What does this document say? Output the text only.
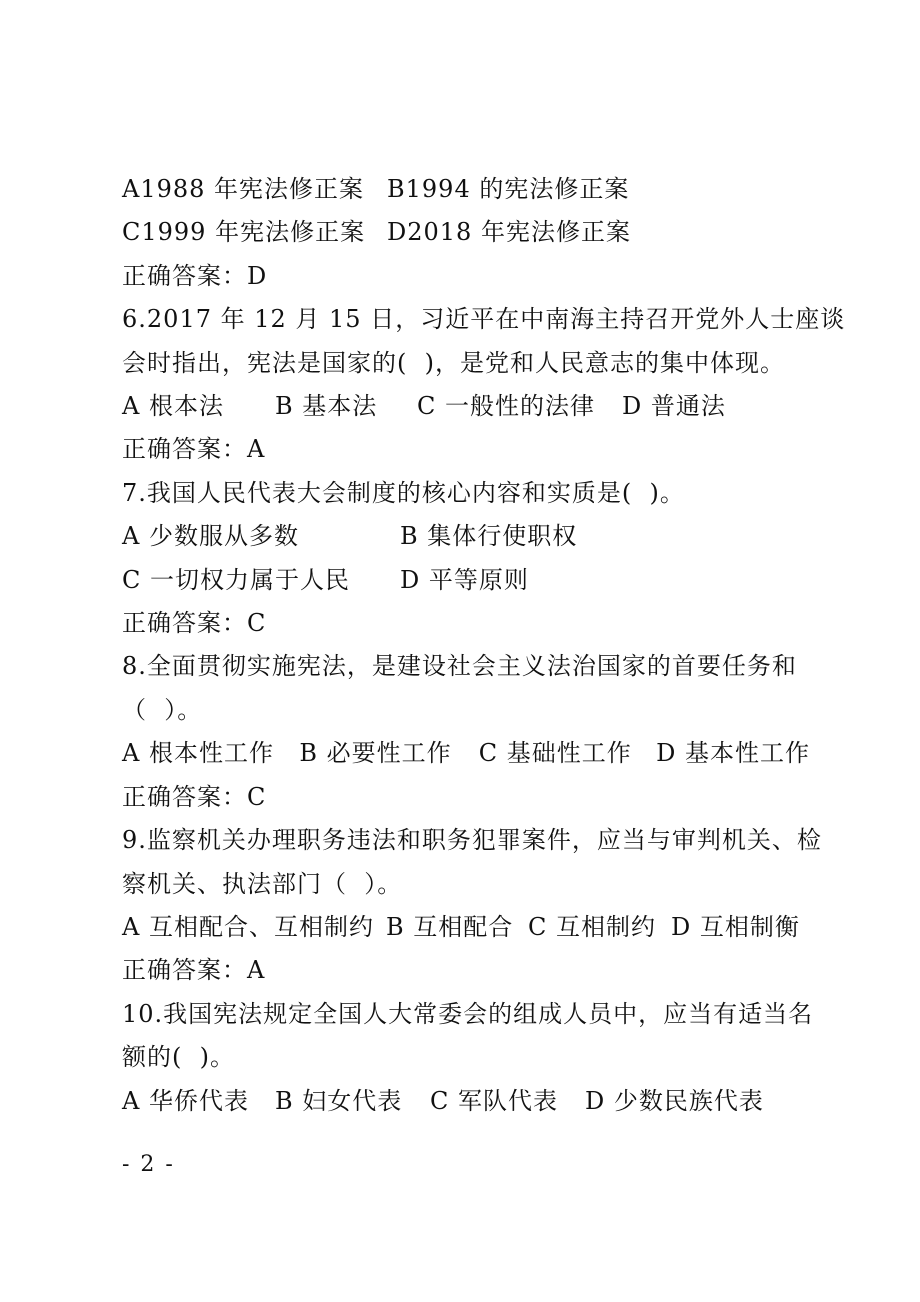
A1988 年宪法修正案 B1994 的宪法修正案
C1999 年宪法修正案 D2018 年宪法修正案
正确答案：D
6.2017 年 12 月 15 日，习近平在中南海主持召开党外人士座谈
会时指出，宪法是国家的(  )，是党和人民意志的集中体现。
A 根本法	B 基本法	C 一般性的法律	D 普通法
正确答案：A
7.我国人民代表大会制度的核心内容和实质是(  )。
A 少数服从多数	B 集体行使职权
C 一切权力属于人民	D 平等原则
正确答案：C
8.全面贯彻实施宪法，是建设社会主义法治国家的首要任务和
（  ）。
A 根本性工作	B 必要性工作	C 基础性工作	D 基本性工作
正确答案：C
9.监察机关办理职务违法和职务犯罪案件，应当与审判机关、检
察机关、执法部门（  ）。
A 互相配合、互相制约 B 互相配合 C 互相制约 D 互相制衡
正确答案：A
10.我国宪法规定全国人大常委会的组成人员中，应当有适当名
额的(  )。
A 华侨代表	B 妇女代表	C 军队代表	D 少数民族代表
- 2 -
